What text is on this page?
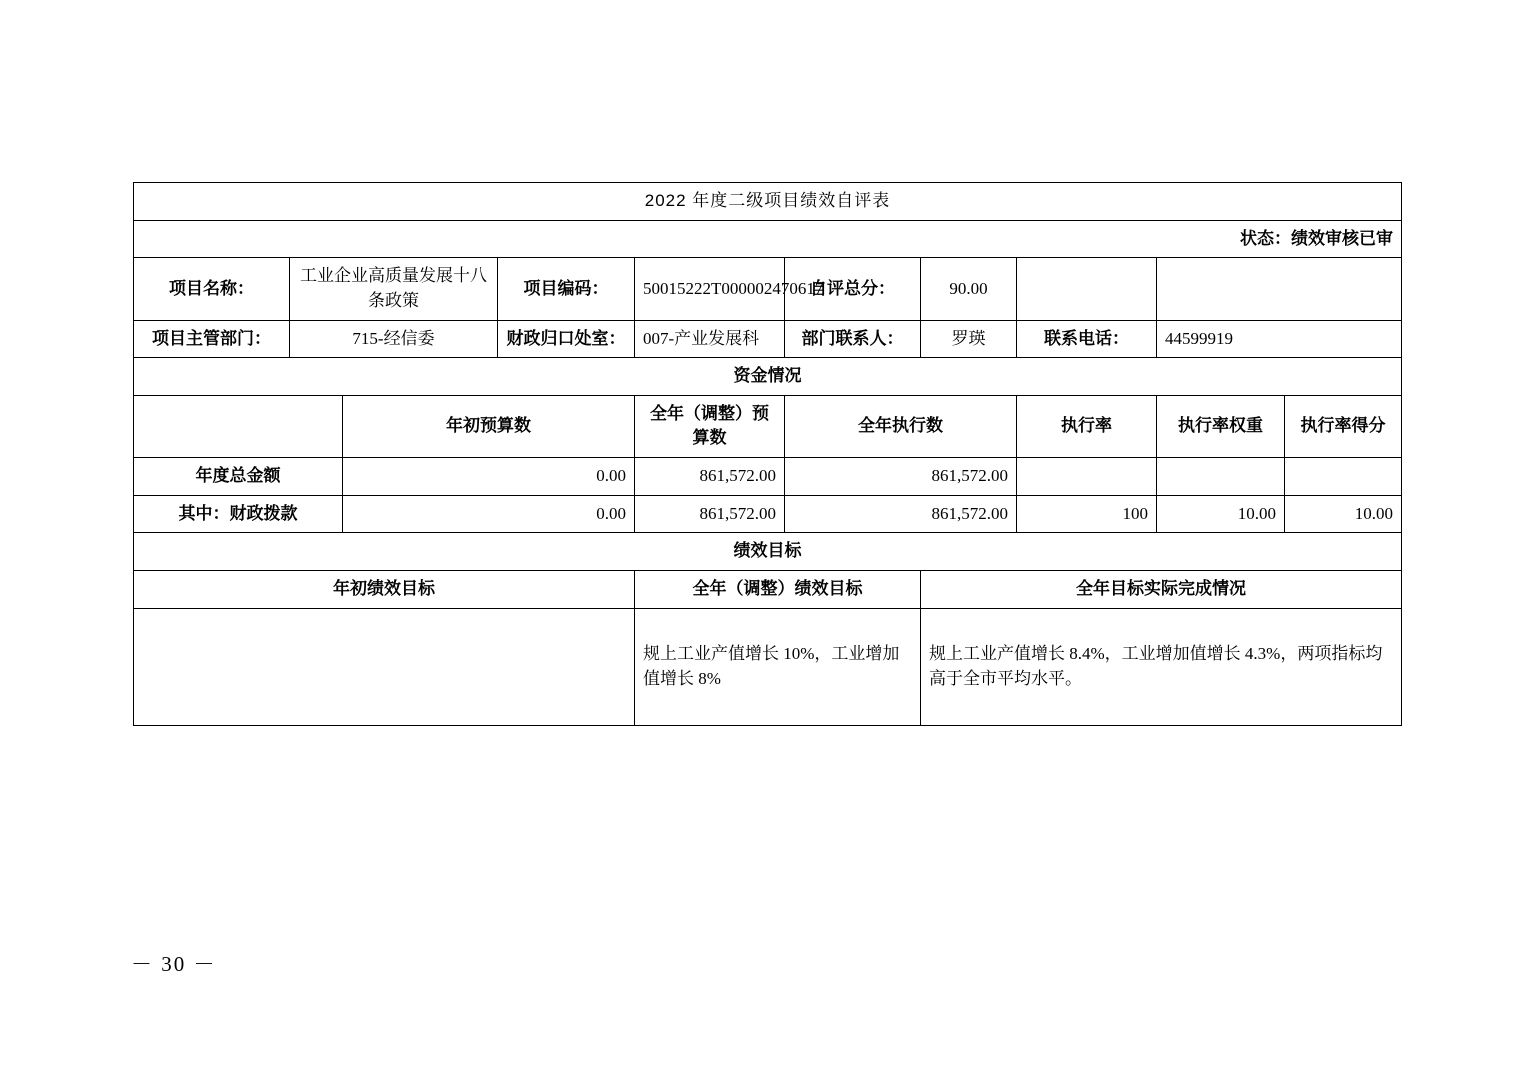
2022 年度二级项目绩效自评表									
状态：绩效审核已审									
项目名称：	工业企业高质量发展十八条政策		项目编码：	50015222T000002470617	自评总分：	90.00			
项目主管部门：	715-经信委		财政归口处室：	007-产业发展科	部门联系人：	罗瑛	联系电话：	44599919	
资金情况									
		年初预算数		全年（调整）预算数	全年执行数		执行率	执行率权重	执行率得分
年度总金额		0.00		861,572.00	861,572.00				
其中：财政拨款		0.00		861,572.00	861,572.00		100	10.00	10.00
绩效目标									
年初绩效目标				全年（调整）绩效目标		全年目标实际完成情况			
				规上工业产值增长 10%，工业增加值增长 8%		规上工业产值增长 8.4%，工业增加值增长 4.3%，两项指标均高于全市平均水平。			
－ 30 －
